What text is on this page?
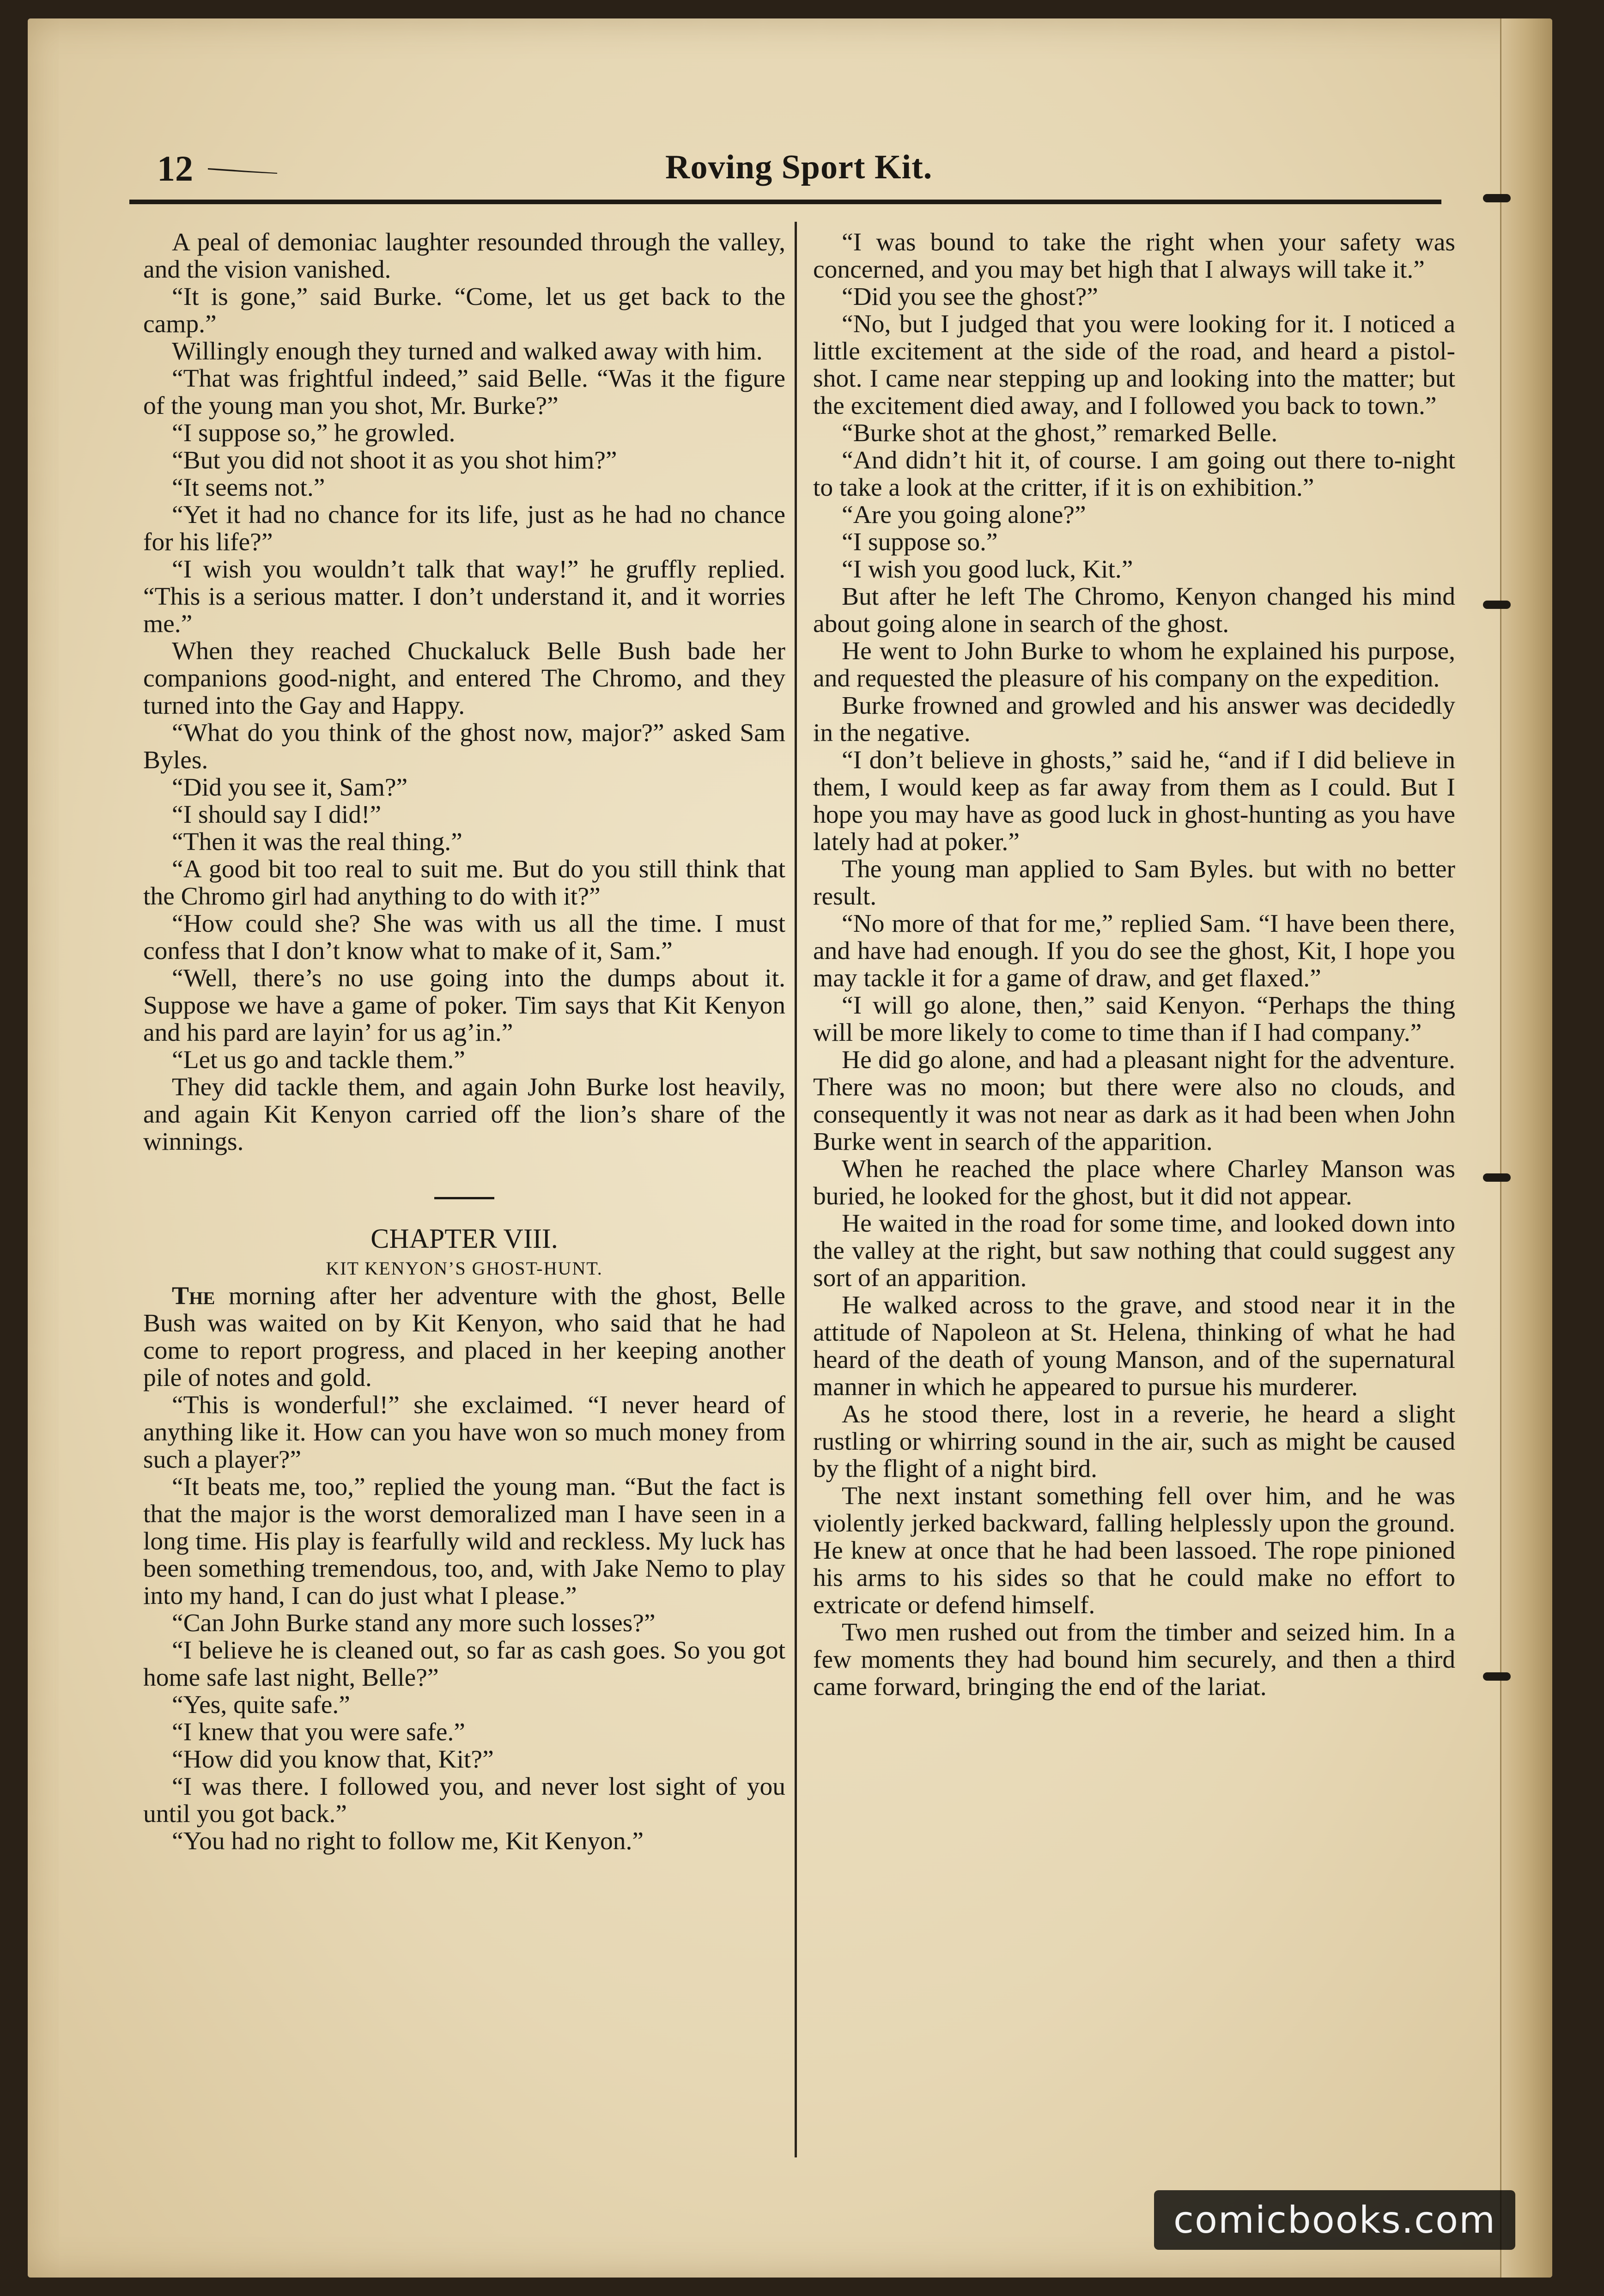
12	Roving Sport Kit.

A peal of demoniac laughter resounded through the valley, and the vision vanished.

“It is gone,” said Burke. “Come, let us get back to the camp.”

Willingly enough they turned and walked away with him.

“That was frightful indeed,” said Belle. “Was it the figure of the young man you shot, Mr. Burke?”

“I suppose so,” he growled.

“But you did not shoot it as you shot him?”

“It seems not.”

“Yet it had no chance for its life, just as he had no chance for his life?”

“I wish you wouldn’t talk that way!” he gruffly replied. “This is a serious matter. I don’t understand it, and it worries me.”

When they reached Chuckaluck Belle Bush bade her companions good-night, and entered The Chromo, and they turned into the Gay and Happy.

“What do you think of the ghost now, major?” asked Sam Byles.

“Did you see it, Sam?”

“I should say I did!”

“Then it was the real thing.”

“A good bit too real to suit me. But do you still think that the Chromo girl had anything to do with it?”

“How could she? She was with us all the time. I must confess that I don’t know what to make of it, Sam.”

“Well, there’s no use going into the dumps about it. Suppose we have a game of poker. Tim says that Kit Kenyon and his pard are layin’ for us ag’in.”

“Let us go and tackle them.”

They did tackle them, and again John Burke lost heavily, and again Kit Kenyon carried off the lion’s share of the winnings.

CHAPTER VIII.

KIT KENYON’S GHOST-HUNT.

The morning after her adventure with the ghost, Belle Bush was waited on by Kit Kenyon, who said that he had come to report progress, and placed in her keeping another pile of notes and gold.

“This is wonderful!” she exclaimed. “I never heard of anything like it. How can you have won so much money from such a player?”

“It beats me, too,” replied the young man. “But the fact is that the major is the worst demoralized man I have seen in a long time. His play is fearfully wild and reckless. My luck has been something tremendous, too, and, with Jake Nemo to play into my hand, I can do just what I please.”

“Can John Burke stand any more such losses?”

“I believe he is cleaned out, so far as cash goes. So you got home safe last night, Belle?”

“Yes, quite safe.”

“I knew that you were safe.”

“How did you know that, Kit?”

“I was there. I followed you, and never lost sight of you until you got back.”

“You had no right to follow me, Kit Kenyon.”

“I was bound to take the right when your safety was concerned, and you may bet high that I always will take it.”

“Did you see the ghost?”

“No, but I judged that you were looking for it. I noticed a little excitement at the side of the road, and heard a pistol-shot. I came near stepping up and looking into the matter; but the excitement died away, and I followed you back to town.”

“Burke shot at the ghost,” remarked Belle.

“And didn’t hit it, of course. I am going out there to-night to take a look at the critter, if it is on exhibition.”

“Are you going alone?”

“I suppose so.”

“I wish you good luck, Kit.”

But after he left The Chromo, Kenyon changed his mind about going alone in search of the ghost.

He went to John Burke to whom he explained his purpose, and requested the pleasure of his company on the expedition.

Burke frowned and growled and his answer was decidedly in the negative.

“I don’t believe in ghosts,” said he, “and if I did believe in them, I would keep as far away from them as I could. But I hope you may have as good luck in ghost-hunting as you have lately had at poker.”

The young man applied to Sam Byles. but with no better result.

“No more of that for me,” replied Sam. “I have been there, and have had enough. If you do see the ghost, Kit, I hope you may tackle it for a game of draw, and get flaxed.”

“I will go alone, then,” said Kenyon. “Perhaps the thing will be more likely to come to time than if I had company.”

He did go alone, and had a pleasant night for the adventure. There was no moon; but there were also no clouds, and consequently it was not near as dark as it had been when John Burke went in search of the apparition.

When he reached the place where Charley Manson was buried, he looked for the ghost, but it did not appear.

He waited in the road for some time, and looked down into the valley at the right, but saw nothing that could suggest any sort of an apparition.

He walked across to the grave, and stood near it in the attitude of Napoleon at St. Helena, thinking of what he had heard of the death of young Manson, and of the supernatural manner in which he appeared to pursue his murderer.

As he stood there, lost in a reverie, he heard a slight rustling or whirring sound in the air, such as might be caused by the flight of a night bird.

The next instant something fell over him, and he was violently jerked backward, falling helplessly upon the ground. He knew at once that he had been lassoed. The rope pinioned his arms to his sides so that he could make no effort to extricate or defend himself.

Two men rushed out from the timber and seized him. In a few moments they had bound him securely, and then a third came forward, bringing the end of the lariat.

comicbooks.com
